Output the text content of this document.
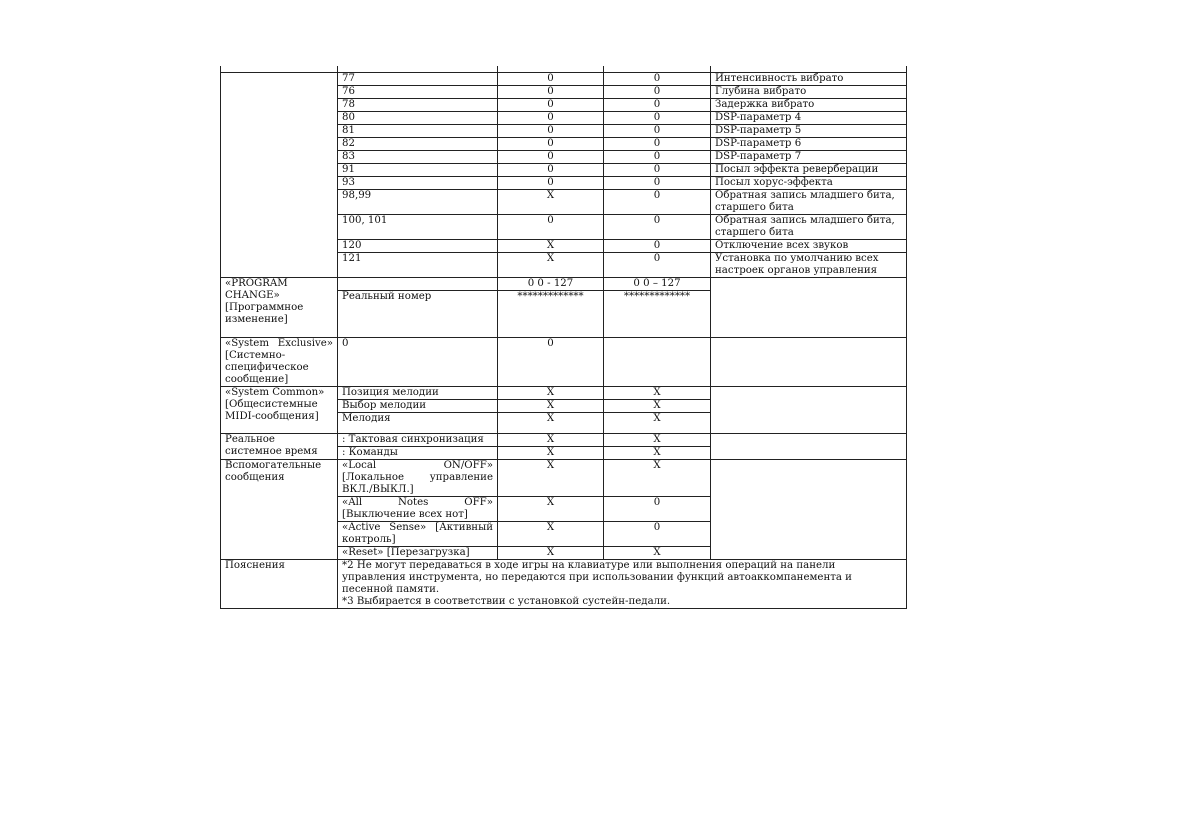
	77	0	0	Интенсивность вибрато
	76	0	0	Глубина вибрато
	78	0	0	Задержка вибрато
	80	0	0	DSP-параметр 4
	81	0	0	DSP-параметр 5
	82	0	0	DSP-параметр 6
	83	0	0	DSP-параметр 7
	91	0	0	Посыл эффекта реверберации
	93	0	0	Посыл хорус-эффекта
	98,99	X	0	Обратная запись младшего бита, старшего бита
	100, 101	0	0	Обратная запись младшего бита, старшего бита
	120	X	0	Отключение всех звуков
	121	X	0	Установка по умолчанию всех настроек органов управления
«PROGRAM CHANGE» [Программное изменение]		0 0 - 127	0 0 – 127	
	Реальный номер	*************	*************	
«System Exclusive» [Системно-специфическое сообщение]	0	0		
«System Common» [Общесистемные MIDI-сообщения]	Позиция мелодии	X	X	
	Выбор мелодии	X	X	
	Мелодия	X	X	
Реальное системное время	: Тактовая синхронизация	X	X	
	: Команды	X	X	
Вспомогательные сообщения	«Local ON/OFF» [Локальное управление ВКЛ./ВЫКЛ.]	X	X	
	«All Notes OFF» [Выключение всех нот]	X	0	
	«Active Sense» [Активный контроль]	X	0	
	«Reset» [Перезагрузка]	X	X	
Пояснения	*2 Не могут передаваться в ходе игры на клавиатуре или выполнения операций на панели управления инструмента, но передаются при использовании функций автоаккомпанемента и песенной памяти.
*3 Выбирается в соответствии с установкой сустейн-педали.			
